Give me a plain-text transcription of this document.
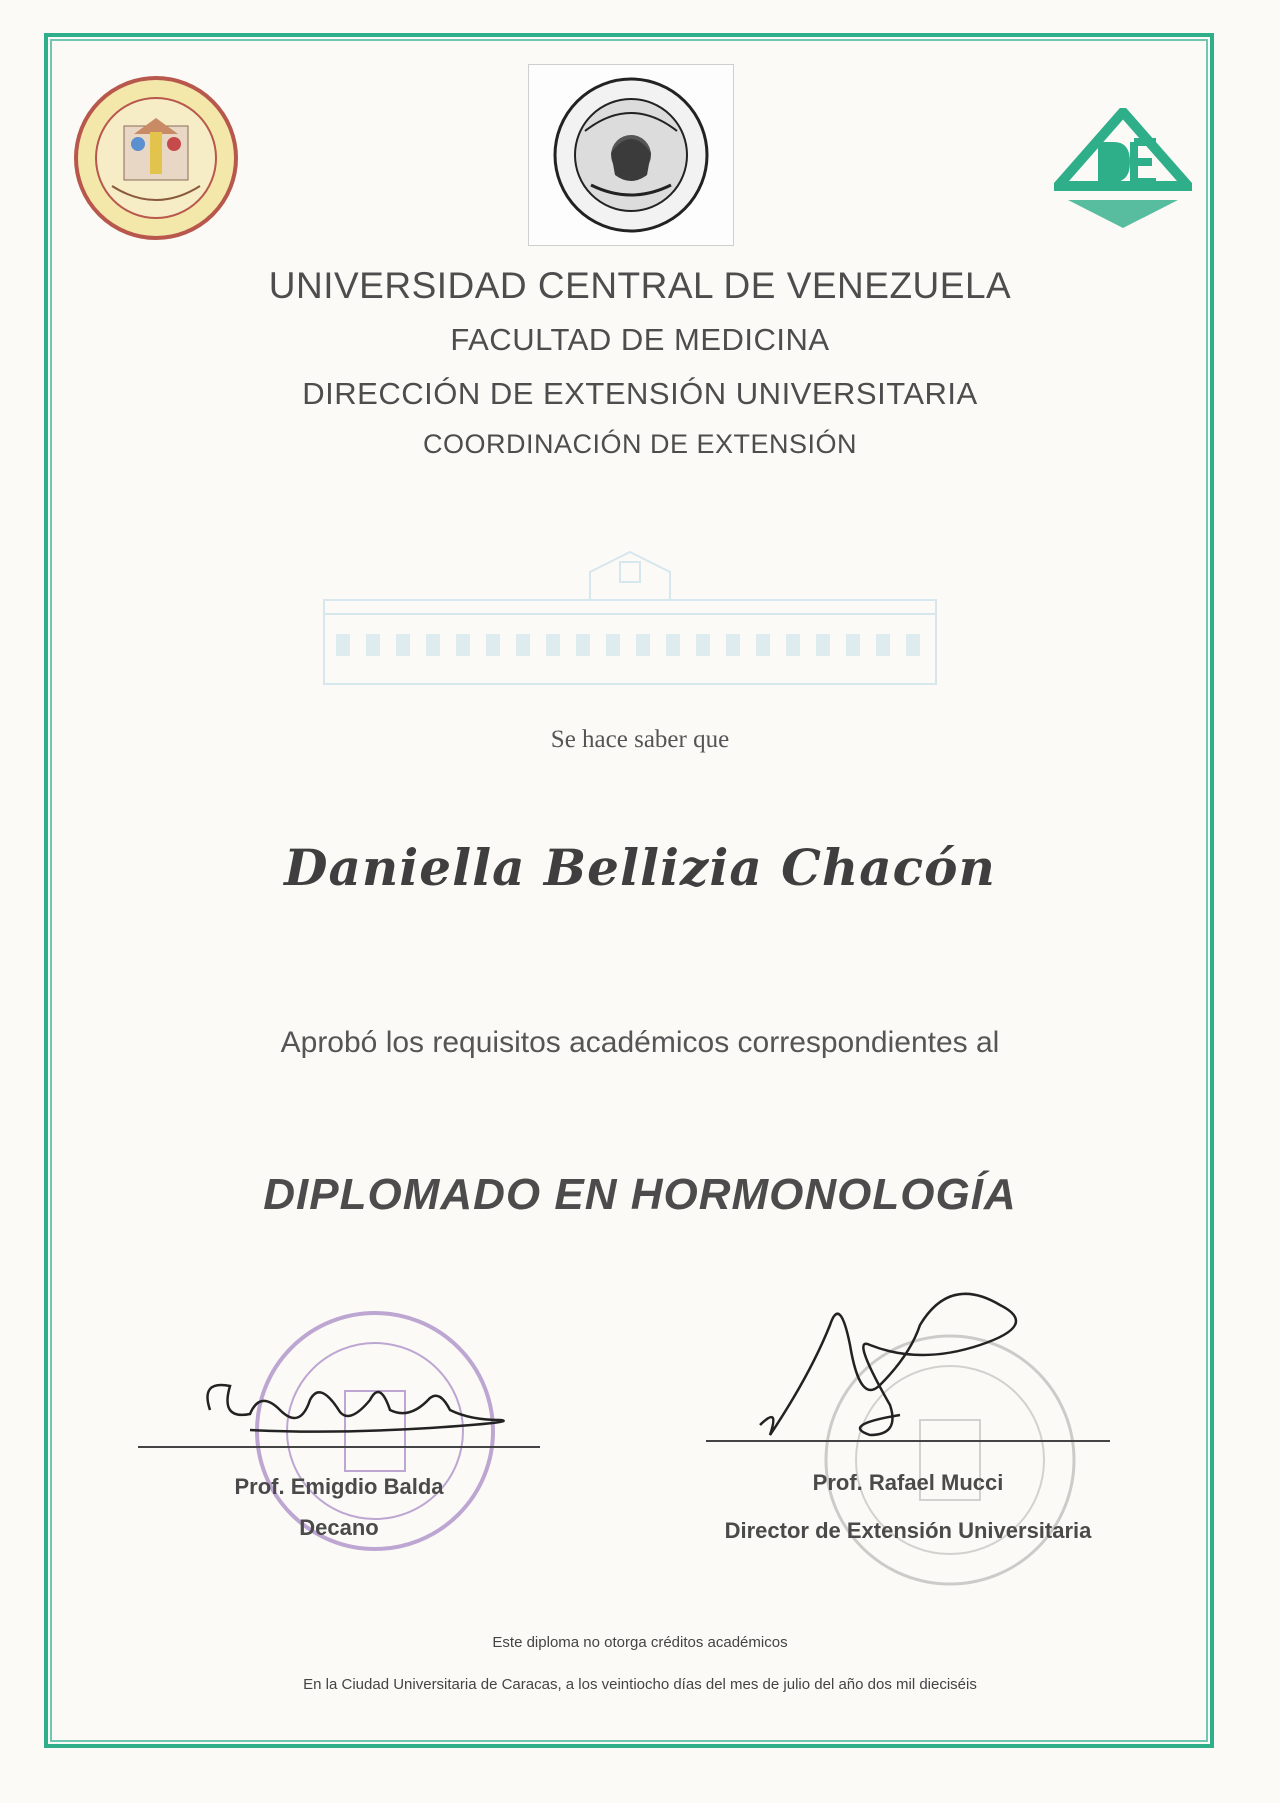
UNIVERSIDAD CENTRAL DE VENEZUELA
FACULTAD DE MEDICINA
DIRECCIÓN DE EXTENSIÓN UNIVERSITARIA
COORDINACIÓN DE EXTENSIÓN
Se hace saber que
Daniella Bellizia Chacón
Aprobó los requisitos académicos correspondientes al
DIPLOMADO EN HORMONOLOGÍA
Prof. Emigdio Balda
Decano
Prof. Rafael Mucci
Director de Extensión Universitaria
Este diploma no otorga créditos académicos
En la Ciudad Universitaria de Caracas, a los veintiocho días del mes de julio del año dos mil dieciséis
